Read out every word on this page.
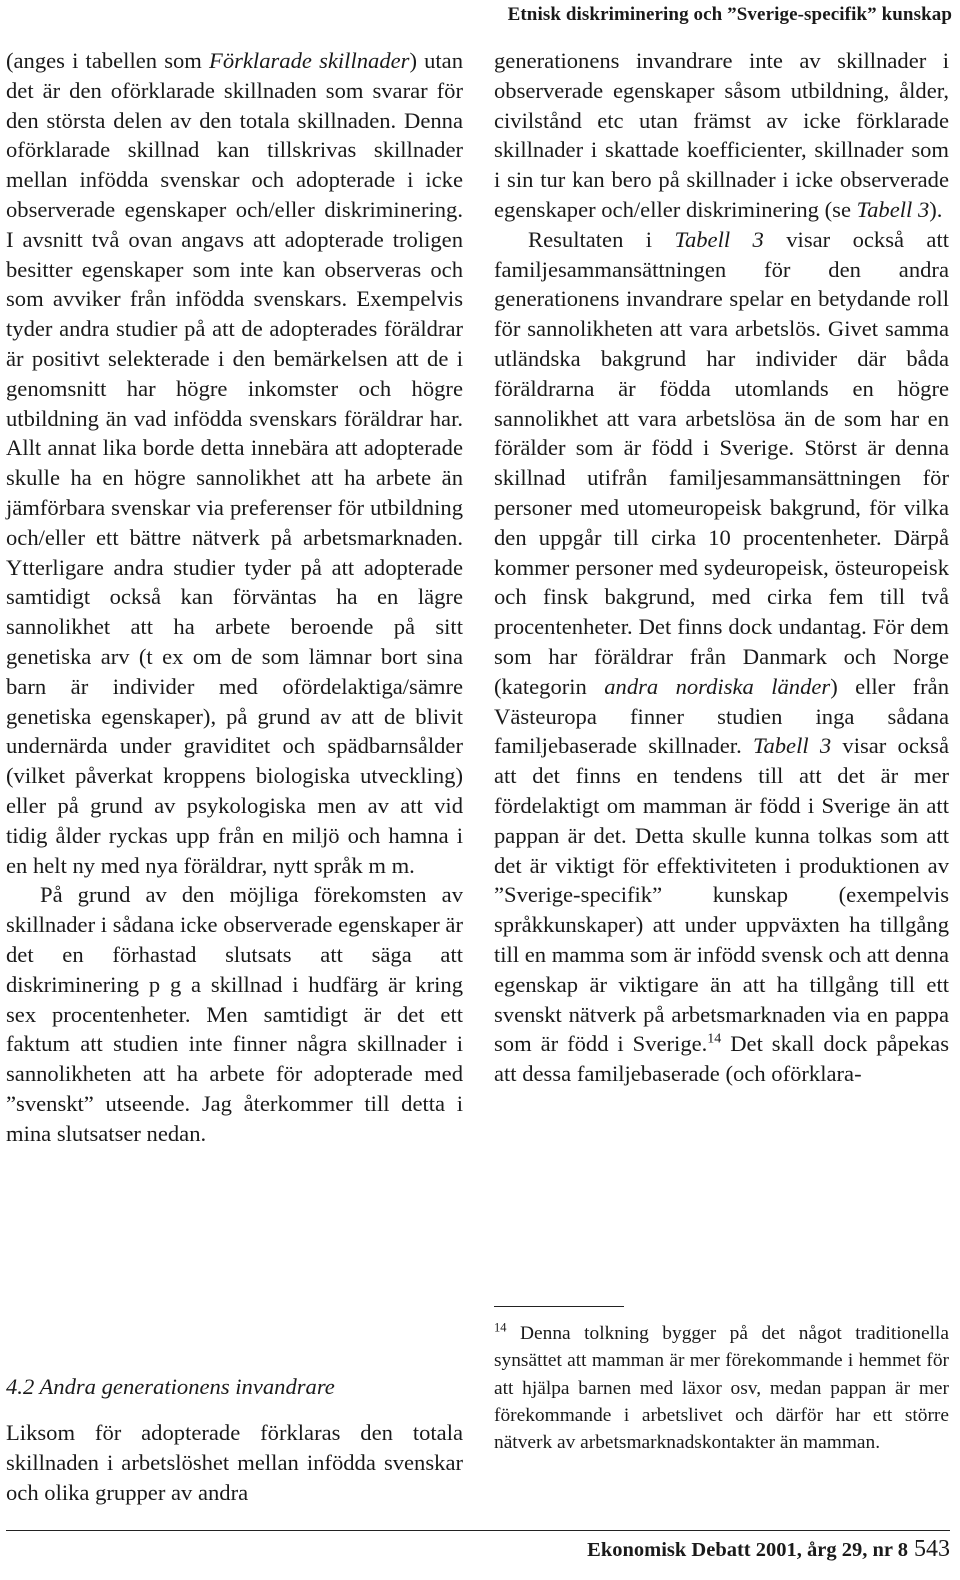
Etnisk diskriminering och ”Sverige-specifik” kunskap

(anges i tabellen som Förklarade skillnader) utan det är den oförklarade skillnaden som svarar för den största delen av den totala skillnaden. Denna oförklarade skillnad kan tillskrivas skillnader mellan infödda svenskar och adopterade i icke observerade egenskaper och/eller diskriminering. I avsnitt två ovan angavs att adopterade troligen besitter egenskaper som inte kan observeras och som avviker från infödda svenskars. Exempelvis tyder andra studier på att de adopterades föräldrar är positivt selekterade i den bemärkelsen att de i genomsnitt har högre inkomster och högre utbildning än vad infödda svenskars föräldrar har. Allt annat lika borde detta innebära att adopterade skulle ha en högre sannolikhet att ha arbete än jämförbara svenskar via preferenser för utbildning och/eller ett bättre nätverk på arbetsmarknaden. Ytterligare andra studier tyder på att adopterade samtidigt också kan förväntas ha en lägre sannolikhet att ha arbete beroende på sitt genetiska arv (t ex om de som lämnar bort sina barn är individer med ofördelaktiga/sämre genetiska egenskaper), på grund av att de blivit undernärda under graviditet och spädbarnsålder (vilket påverkat kroppens biologiska utveckling) eller på grund av psykologiska men av att vid tidig ålder ryckas upp från en miljö och hamna i en helt ny med nya föräldrar, nytt språk m m.

På grund av den möjliga förekomsten av skillnader i sådana icke observerade egenskaper är det en förhastad slutsats att säga att diskriminering p g a skillnad i hudfärg är kring sex procentenheter. Men samtidigt är det ett faktum att studien inte finner några skillnader i sannolikheten att ha arbete för adopterade med ”svenskt” utseende. Jag återkommer till detta i mina slutsatser nedan.

4.2 Andra generationens invandrare
Liksom för adopterade förklaras den totala skillnaden i arbetslöshet mellan infödda svenskar och olika grupper av andra

generationens invandrare inte av skillnader i observerade egenskaper såsom utbildning, ålder, civilstånd etc utan främst av icke förklarade skillnader i skattade koefficienter, skillnader som i sin tur kan bero på skillnader i icke observerade egenskaper och/eller diskriminering (se Tabell 3).

Resultaten i Tabell 3 visar också att familjesammansättningen för den andra generationens invandrare spelar en betydande roll för sannolikheten att vara arbetslös. Givet samma utländska bakgrund har individer där båda föräldrarna är födda utomlands en högre sannolikhet att vara arbetslösa än de som har en förälder som är född i Sverige. Störst är denna skillnad utifrån familjesammansättningen för personer med utomeuropeisk bakgrund, för vilka den uppgår till cirka 10 procentenheter. Därpå kommer personer med sydeuropeisk, östeuropeisk och finsk bakgrund, med cirka fem till två procentenheter. Det finns dock undantag. För dem som har föräldrar från Danmark och Norge (kategorin andra nordiska länder) eller från Västeuropa finner studien inga sådana familjebaserade skillnader. Tabell 3 visar också att det finns en tendens till att det är mer fördelaktigt om mamman är född i Sverige än att pappan är det. Detta skulle kunna tolkas som att det är viktigt för effektiviteten i produktionen av ”Sverige-specifik” kunskap (exempelvis språkkunskaper) att under uppväxten ha tillgång till en mamma som är infödd svensk och att denna egenskap är viktigare än att ha tillgång till ett svenskt nätverk på arbetsmarknaden via en pappa som är född i Sverige.$^{14}$ Det skall dock påpekas att dessa familjebaserade (och oförklara-

$^{14}$ Denna tolkning bygger på det något traditionella synsättet att mamman är mer förekommande i hemmet för att hjälpa barnen med läxor osv, medan pappan är mer förekommande i arbetslivet och därför har ett större nätverk av arbetsmarknadskontakter än mamman.
Ekonomisk Debatt 2001, årg 29, nr 8 543
